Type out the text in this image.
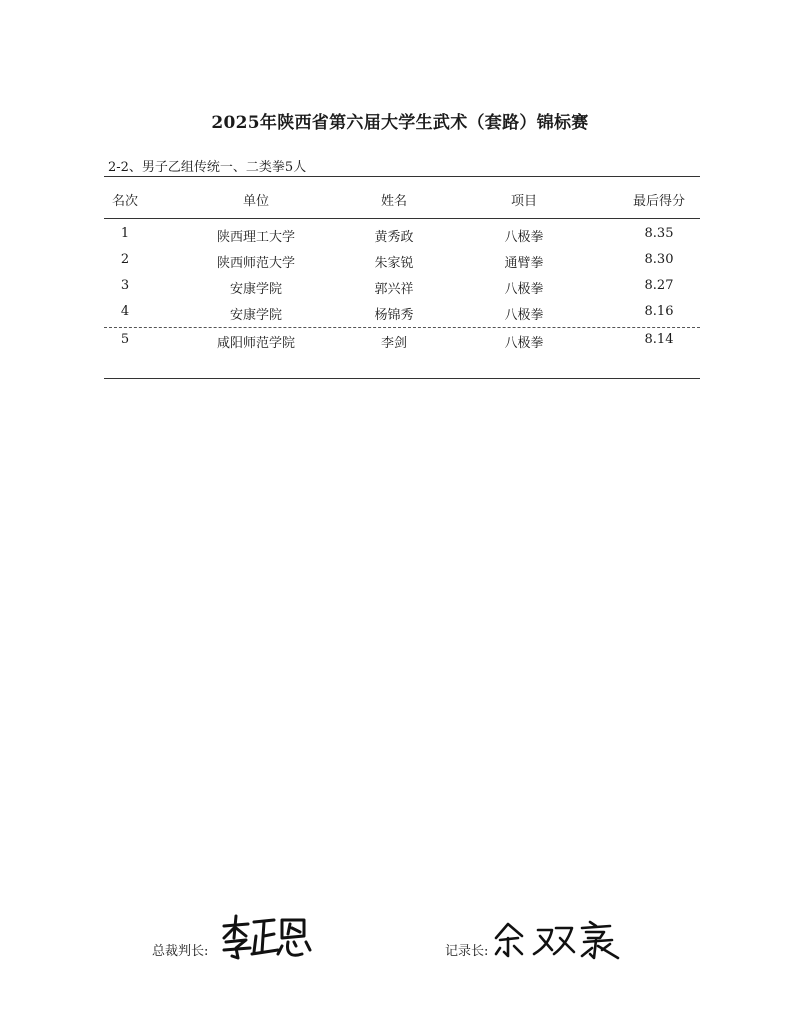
2025年陕西省第六届大学生武术（套路）锦标赛
2-2、男子乙组传统一、二类拳5人
名次	单位	姓名	项目	最后得分
1	陕西理工大学	黄秀政	八极拳	8.35
2	陕西师范大学	朱家锐	通臂拳	8.30
3	安康学院	郭兴祥	八极拳	8.27
4	安康学院	杨锦秀	八极拳	8.16
5	咸阳师范学院	李剑	八极拳	8.14
总裁判长:	记录长:
